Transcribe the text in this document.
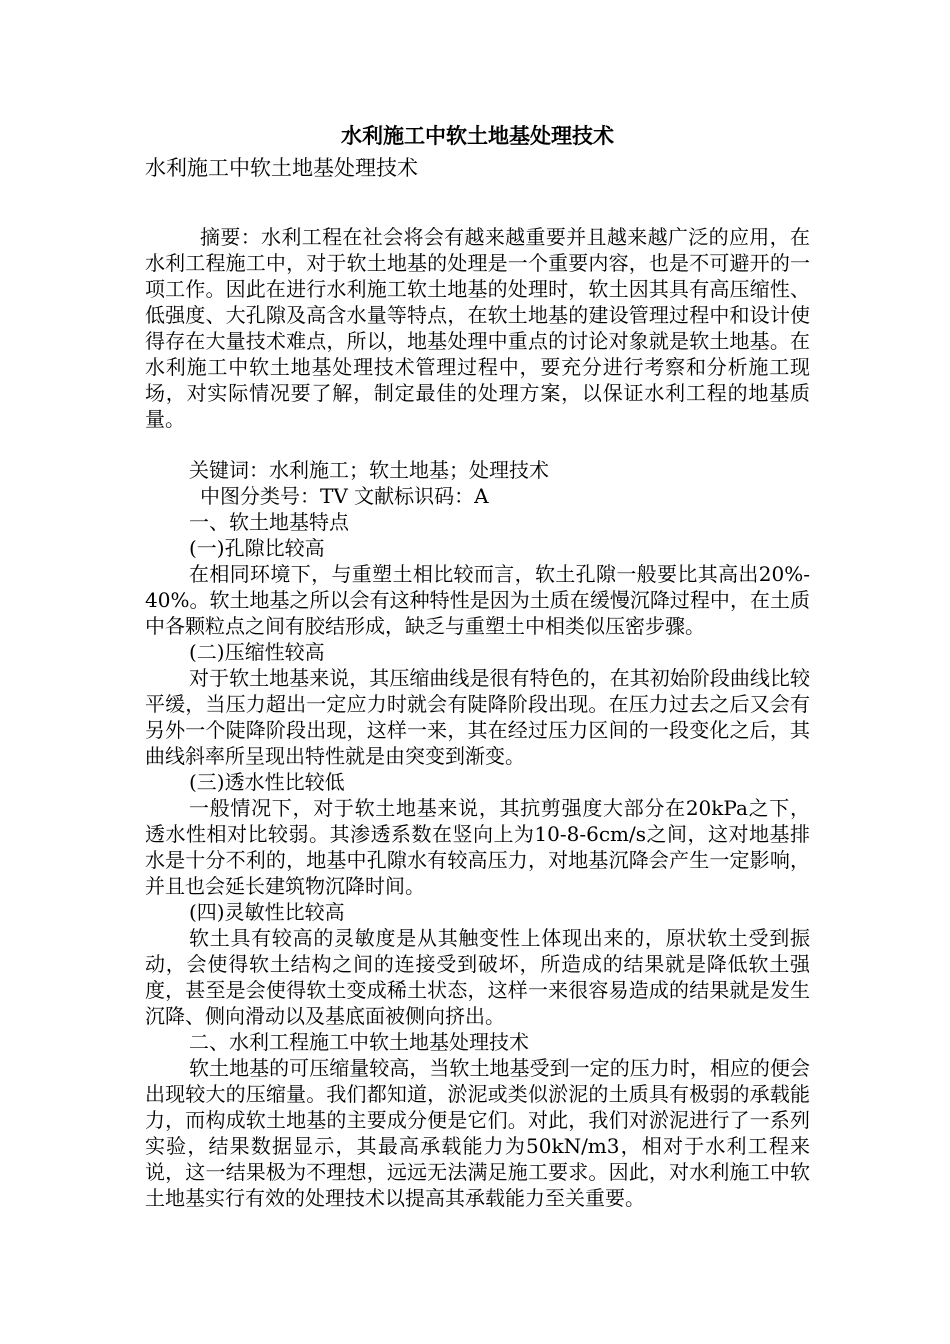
水利施工中软土地基处理技术

水利施工中软土地基处理技术

摘要：水利工程在社会将会有越来越重要并且越来越广泛的应用，在水利工程施工中，对于软土地基的处理是一个重要内容，也是不可避开的一项工作。因此在进行水利施工软土地基的处理时，软土因其具有高压缩性、低强度、大孔隙及高含水量等特点，在软土地基的建设管理过程中和设计使得存在大量技术难点，所以，地基处理中重点的讨论对象就是软土地基。在水利施工中软土地基处理技术管理过程中，要充分进行考察和分析施工现场，对实际情况要了解，制定最佳的处理方案，以保证水利工程的地基质量。

关键词：水利施工；软土地基；处理技术

中图分类号：TV 文献标识码：A

一、软土地基特点

(一)孔隙比较高

在相同环境下，与重塑土相比较而言，软土孔隙一般要比其高出20%-40%。软土地基之所以会有这种特性是因为土质在缓慢沉降过程中，在土质中各颗粒点之间有胶结形成，缺乏与重塑土中相类似压密步骤。

(二)压缩性较高

对于软土地基来说，其压缩曲线是很有特色的，在其初始阶段曲线比较平缓，当压力超出一定应力时就会有陡降阶段出现。在压力过去之后又会有另外一个陡降阶段出现，这样一来，其在经过压力区间的一段变化之后，其曲线斜率所呈现出特性就是由突变到渐变。

(三)透水性比较低

一般情况下，对于软土地基来说，其抗剪强度大部分在20kPa之下，透水性相对比较弱。其渗透系数在竖向上为10-8-6cm/s之间，这对地基排水是十分不利的，地基中孔隙水有较高压力，对地基沉降会产生一定影响，并且也会延长建筑物沉降时间。

(四)灵敏性比较高

软土具有较高的灵敏度是从其触变性上体现出来的，原状软土受到振动，会使得软土结构之间的连接受到破坏，所造成的结果就是降低软土强度，甚至是会使得软土变成稀土状态，这样一来很容易造成的结果就是发生沉降、侧向滑动以及基底面被侧向挤出。

二、水利工程施工中软土地基处理技术

软土地基的可压缩量较高，当软土地基受到一定的压力时，相应的便会出现较大的压缩量。我们都知道，淤泥或类似淤泥的土质具有极弱的承载能力，而构成软土地基的主要成分便是它们。对此，我们对淤泥进行了一系列实验，结果数据显示，其最高承载能力为50kN/m3，相对于水利工程来说，这一结果极为不理想，远远无法满足施工要求。因此，对水利施工中软土地基实行有效的处理技术以提高其承载能力至关重要。
